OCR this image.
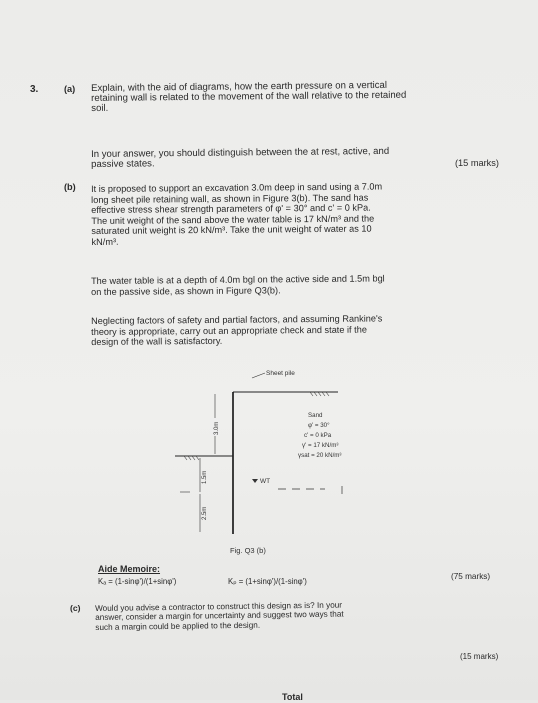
3.	(a) Explain, with the aid of diagrams, how the earth pressure on a vertical
retaining wall is related to the movement of the wall relative to the retained
soil.
In your answer, you should distinguish between the at rest, active, and
passive states.	(15 marks)
(b) It is proposed to support an excavation 3.0m deep in sand using a 7.0m
long sheet pile retaining wall, as shown in Figure 3(b). The sand has
effective stress shear strength parameters of φ' = 30° and c' = 0 kPa.
The unit weight of the sand above the water table is 17 kN/m³ and the
saturated unit weight is 20 kN/m³. Take the unit weight of water as 10
kN/m³.
The water table is at a depth of 4.0m bgl on the active side and 1.5m bgl
on the passive side, as shown in Figure Q3(b).
Neglecting factors of safety and partial factors, and assuming Rankine's
theory is appropriate, carry out an appropriate check and state if the
design of the wall is satisfactory.
Sheet pile
3.0m
1.5m
2.5m
Sand
φ' = 30°
c' = 0 kPa
γ' = 17 kN/m³
γsat = 20 kN/m³
WT
Fig. Q3 (b)
Aide Memoire:
Kₐ = (1-sinφ')/(1+sinφ')	Kₚ = (1+sinφ')/(1-sinφ')
(75 marks)
(c) Would you advise a contractor to construct this design as is? In your
answer, consider a margin for uncertainty and suggest two ways that
such a margin could be applied to the design.
(15 marks)
Total
